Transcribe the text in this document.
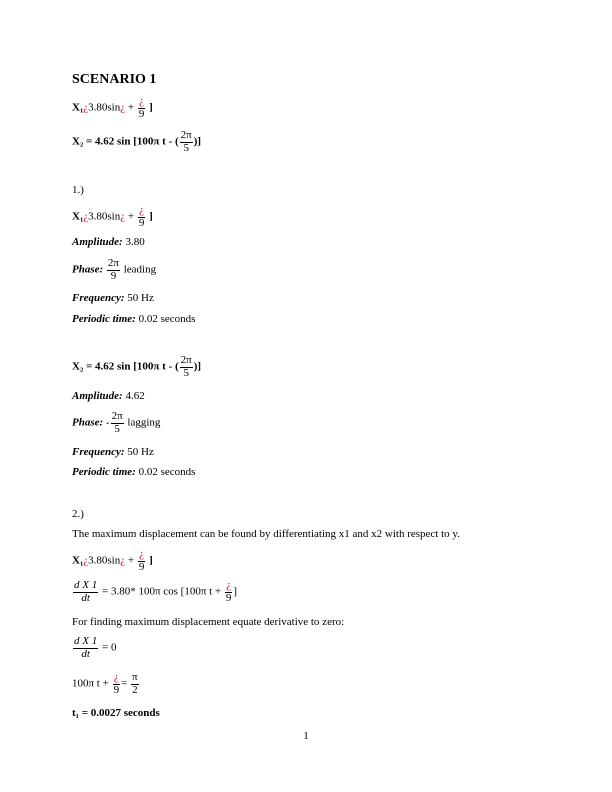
SCENARIO 1
X₁¿3.80sin¿ +
¿
9 ]
X₂ = 4.62 sin [100π t - ( $\frac{2\pi}{5}$ )]
1.)
X₁¿3.80sin¿ +
¿
9 ]
Amplitude: 3.80
Phase: $\frac{2\pi}{9}$ leading
Frequency: 50 Hz
Periodic time: 0.02 seconds
X₂ = 4.62 sin [100π t - ( $\frac{2\pi}{5}$ )]
Amplitude: 4.62
Phase: - $\frac{2\pi}{5}$ lagging
Frequency: 50 Hz
Periodic time: 0.02 seconds
2.)
The maximum displacement can be found by differentiating x1 and x2 with respect to y.
X₁¿3.80sin¿ +
¿
9 ]
$\frac{\text{d X 1}}{dt} = 3.80*$ 100π cos [100π t +
¿
9 ]
For finding maximum displacement equate derivative to zero:
$\frac{\text{d X 1}}{dt} = 0$
100π t +
¿
$9 = \frac{\pi}{2}$
t₁ = 0.0027 seconds
1
